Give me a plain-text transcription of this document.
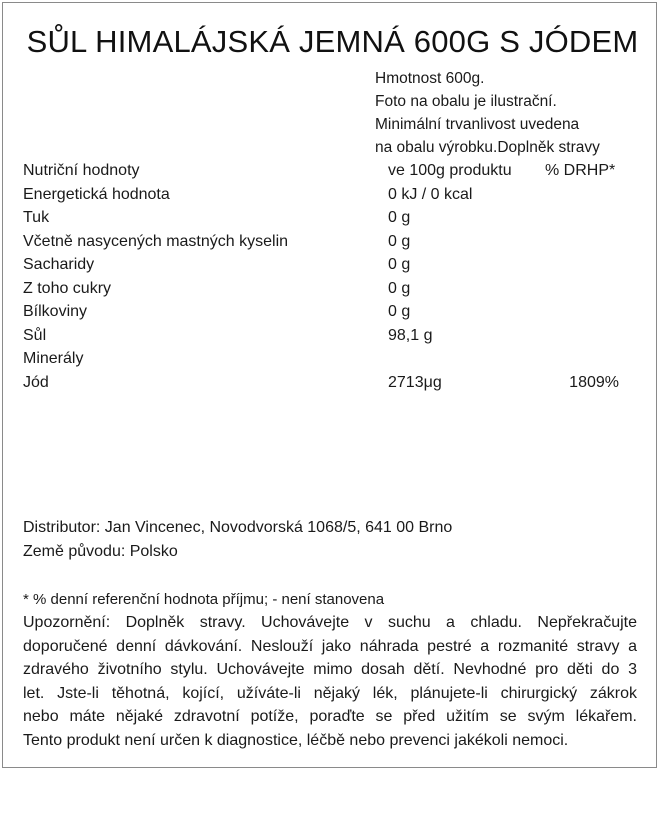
SŮL HIMALÁJSKÁ JEMNÁ 600G S JÓDEM
Hmotnost 600g.
Foto na obalu je ilustrační.
Minimální trvanlivost uvedena
na obalu výrobku.Doplněk stravy
Nutriční hodnoty	ve 100g produktu % DRHP*
Energetická hodnota	0 kJ / 0 kcal
Tuk	0 g
Včetně nasycených mastných kyselin	0 g
Sacharidy	0 g
Z toho cukry	0 g
Bílkoviny	0 g
Sůl	98,1 g
Minerály
Jód	2713μg	1809%
Distributor: Jan Vincenec, Novodvorská 1068/5, 641 00 Brno
Země původu: Polsko
* % denní referenční hodnota příjmu; - není stanovena

Upozornění: Doplněk stravy. Uchovávejte v suchu a chladu. Nepřekračujte

doporučené denní dávkování. Neslouží jako náhrada pestré a rozmanité stravy a

zdravého životního stylu. Uchovávejte mimo dosah dětí. Nevhodné pro děti do 3

let. Jste-li těhotná, kojící, užíváte-li nějaký lék, plánujete-li chirurgický zákrok

nebo máte nějaké zdravotní potíže, poraďte se před užitím se svým lékařem.

Tento produkt není určen k diagnostice, léčbě nebo prevenci jakékoli nemoci.
